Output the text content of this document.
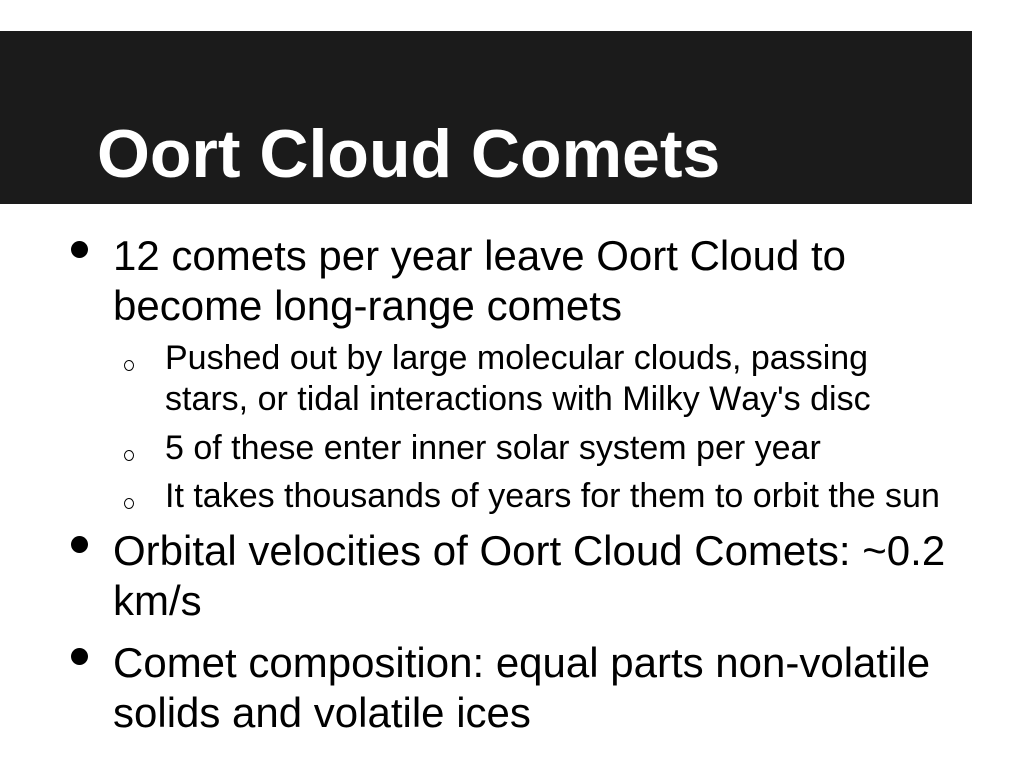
Oort Cloud Comets
12 comets per year leave Oort Cloud to become long-range comets
Pushed out by large molecular clouds, passing stars, or tidal interactions with Milky Way's disc
5 of these enter inner solar system per year
It takes thousands of years for them to orbit the sun
Orbital velocities of Oort Cloud Comets: ~0.2 km/s
Comet composition: equal parts non-volatile solids and volatile ices
